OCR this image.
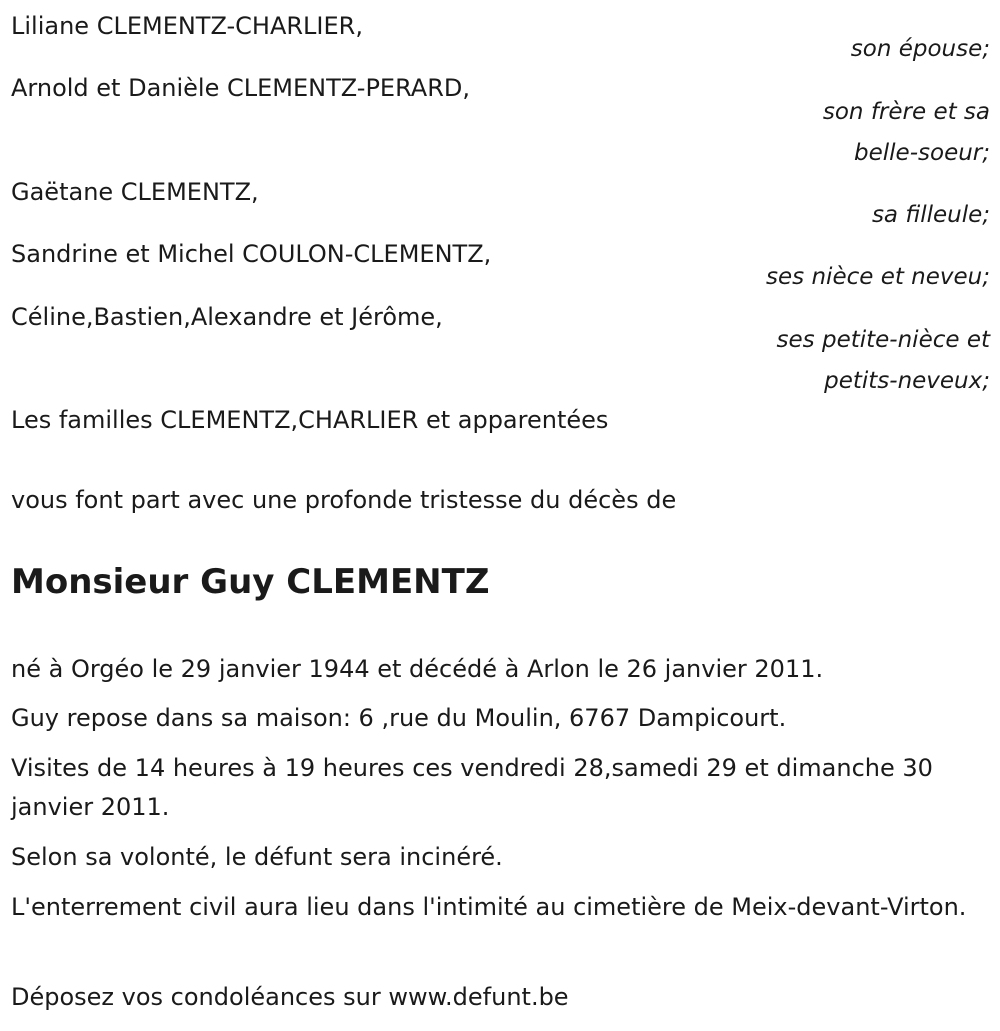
Liliane CLEMENTZ-CHARLIER,
son épouse;
Arnold et Danièle CLEMENTZ-PERARD,
son frère et sa
belle-soeur;
Gaëtane CLEMENTZ,
sa filleule;
Sandrine et Michel COULON-CLEMENTZ,
ses nièce et neveu;
Céline,Bastien,Alexandre et Jérôme,
ses petite-nièce et
petits-neveux;
Les familles CLEMENTZ,CHARLIER et apparentées
vous font part avec une profonde tristesse du décès de
Monsieur Guy CLEMENTZ
né à Orgéo le 29 janvier 1944 et décédé à Arlon le 26 janvier 2011.
Guy repose dans sa maison: 6 ,rue du Moulin, 6767 Dampicourt.
Visites de 14 heures à 19 heures ces vendredi 28,samedi 29 et dimanche 30 janvier 2011.
Selon sa volonté, le défunt sera incinéré.
L'enterrement civil aura lieu dans l'intimité au cimetière de Meix-devant-Virton.
Déposez vos condoléances sur www.defunt.be
